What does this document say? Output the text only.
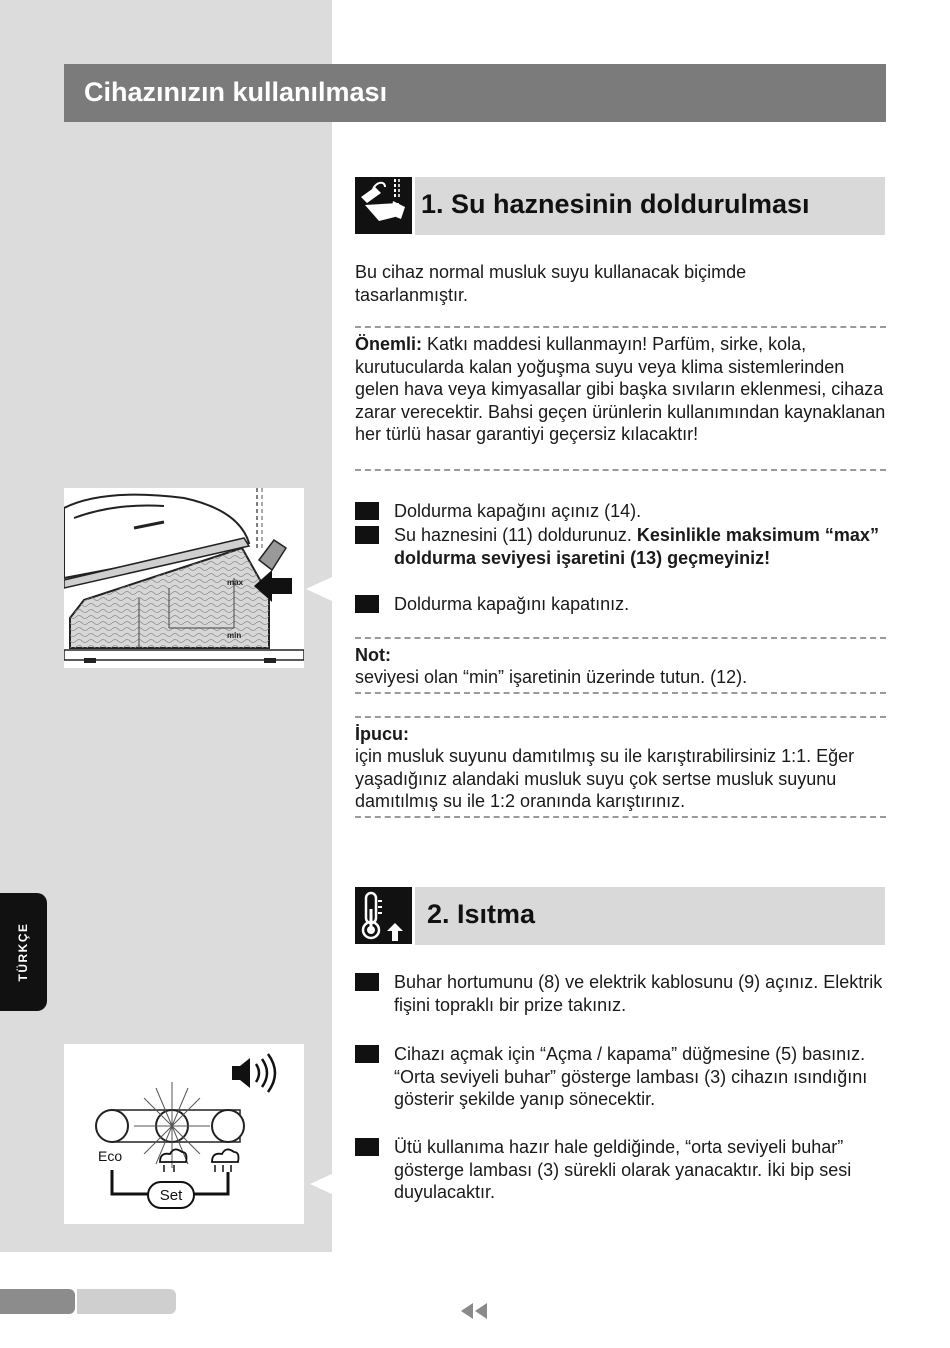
Cihazınızın kullanılması
1. Su haznesinin doldurulması
Bu cihaz normal musluk suyu kullanacak biçimde tasarlanmıştır.
Önemli: Katkı maddesi kullanmayın! Parfüm, sirke, kola, kurutucularda kalan yoğuşma suyu veya klima sistemlerinden gelen hava veya kimyasallar gibi başka sıvıların eklenmesi, cihaza zarar verecektir. Bahsi geçen ürünlerin kullanımından kaynaklanan her türlü hasar garantiyi geçersiz kılacaktır!
max
min
Doldurma kapağını açınız (14).
Su haznesini (11) doldurunuz. Kesinlikle maksimum “max” doldurma seviyesi işaretini (13) geçmeyiniz!
Doldurma kapağını kapatınız.
Not:
seviyesi olan “min” işaretinin üzerinde tutun. (12).
İpucu:
için musluk suyunu damıtılmış su ile karıştırabilirsiniz 1:1. Eğer yaşadığınız alandaki musluk suyu çok sertse musluk suyunu damıtılmış su ile 1:2 oranında karıştırınız.
2. Isıtma
Buhar hortumunu (8) ve elektrik kablosunu (9) açınız. Elektrik fişini topraklı bir prize takınız.
Cihazı açmak için “Açma / kapama” düğmesine (5) basınız. “Orta seviyeli buhar” gösterge lambası (3) cihazın ısındığını gösterir şekilde yanıp sönecektir.
Ütü kullanıma hazır hale geldiğinde, “orta seviyeli buhar” gösterge lambası (3) sürekli olarak yanacaktır. İki bip sesi duyulacaktır.
Eco
Set
TÜRKÇE
